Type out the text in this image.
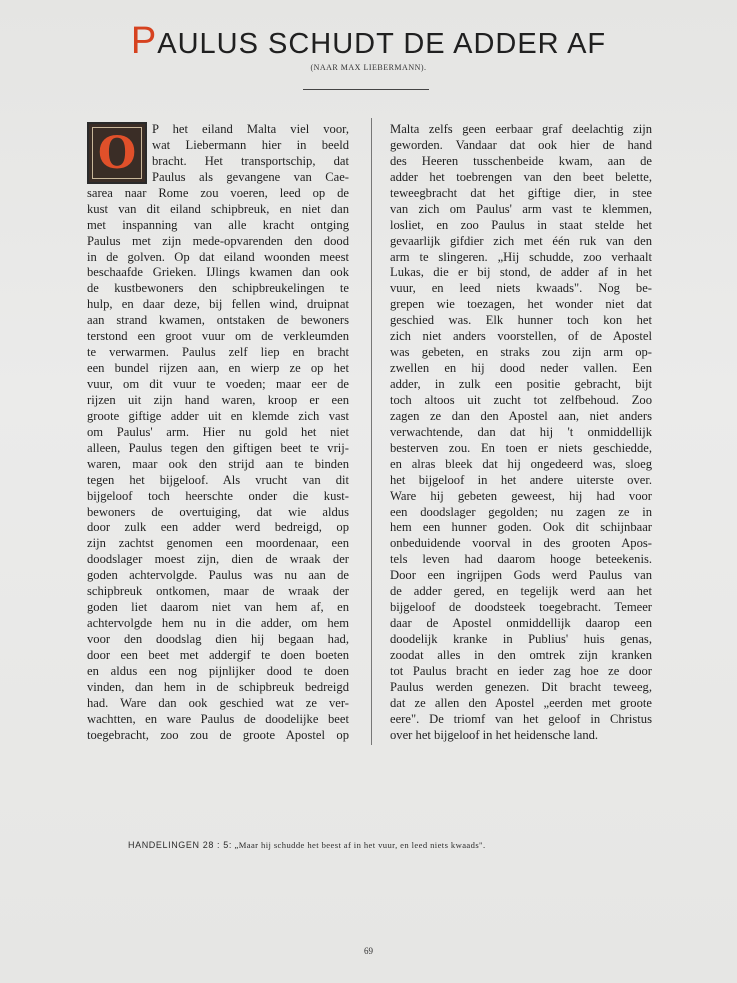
PAULUS SCHUDT DE ADDER AF
(NAAR MAX LIEBERMANN).
O	P het eiland Malta viel voor,
wat Liebermann hier in beeld
bracht. Het transportschip, dat
Paulus als gevangene van Cae-
sarea naar Rome zou voeren, leed op de
kust van dit eiland schipbreuk, en niet dan
met inspanning van alle kracht ontging
Paulus met zijn mede-opvarenden den dood
in de golven. Op dat eiland woonden meest
beschaafde Grieken. IJlings kwamen dan ook
de kustbewoners den schipbreukelingen te
hulp, en daar deze, bij fellen wind, druipnat
aan strand kwamen, ontstaken de bewoners
terstond een groot vuur om de verkleumden
te verwarmen. Paulus zelf liep en bracht
een bundel rijzen aan, en wierp ze op het
vuur, om dit vuur te voeden; maar eer de
rijzen uit zijn hand waren, kroop er een
groote giftige adder uit en klemde zich vast
om Paulus' arm. Hier nu gold het niet
alleen, Paulus tegen den giftigen beet te vrij-
waren, maar ook den strijd aan te binden
tegen het bijgeloof. Als vrucht van dit
bijgeloof toch heerschte onder die kust-
bewoners de overtuiging, dat wie aldus
door zulk een adder werd bedreigd, op
zijn zachtst genomen een moordenaar, een
doodslager moest zijn, dien de wraak der
goden achtervolgde. Paulus was nu aan de
schipbreuk ontkomen, maar de wraak der
goden liet daarom niet van hem af, en
achtervolgde hem nu in die adder, om hem
voor den doodslag dien hij begaan had,
door een beet met addergif te doen boeten
en aldus een nog pijnlijker dood te doen
vinden, dan hem in de schipbreuk bedreigd
had. Ware dan ook geschied wat ze ver-
wachtten, en ware Paulus de doodelijke beet
toegebracht, zoo zou de groote Apostel op
Malta zelfs geen eerbaar graf deelachtig zijn
geworden. Vandaar dat ook hier de hand
des Heeren tusschenbeide kwam, aan de
adder het toebrengen van den beet belette,
teweegbracht dat het giftige dier, in stee
van zich om Paulus' arm vast te klemmen,
losliet, en zoo Paulus in staat stelde het
gevaarlijk gifdier zich met één ruk van den
arm te slingeren. „Hij schudde, zoo verhaalt
Lukas, die er bij stond, de adder af in het
vuur, en leed niets kwaads". Nog be-
grepen wie toezagen, het wonder niet dat
geschied was. Elk hunner toch kon het
zich niet anders voorstellen, of de Apostel
was gebeten, en straks zou zijn arm op-
zwellen en hij dood neder vallen. Een
adder, in zulk een positie gebracht, bijt
toch altoos uit zucht tot zelfbehoud. Zoo
zagen ze dan den Apostel aan, niet anders
verwachtende, dan dat hij 't onmiddellijk
besterven zou. En toen er niets geschiedde,
en alras bleek dat hij ongedeerd was, sloeg
het bijgeloof in het andere uiterste over.
Ware hij gebeten geweest, hij had voor
een doodslager gegolden; nu zagen ze in
hem een hunner goden. Ook dit schijnbaar
onbeduidende voorval in des grooten Apos-
tels leven had daarom hooge beteekenis.
Door een ingrijpen Gods werd Paulus van
de adder gered, en tegelijk werd aan het
bijgeloof de doodsteek toegebracht. Temeer
daar de Apostel onmiddellijk daarop een
doodelijk kranke in Publius' huis genas,
zoodat alles in den omtrek zijn kranken
tot Paulus bracht en ieder zag hoe ze door
Paulus werden genezen. Dit bracht teweeg,
dat ze allen den Apostel „eerden met groote
eere". De triomf van het geloof in Christus
over het bijgeloof in het heidensche land.
HANDELINGEN 28 : 5: „Maar hij schudde het beest af in het vuur, en leed niets kwaads".
69
